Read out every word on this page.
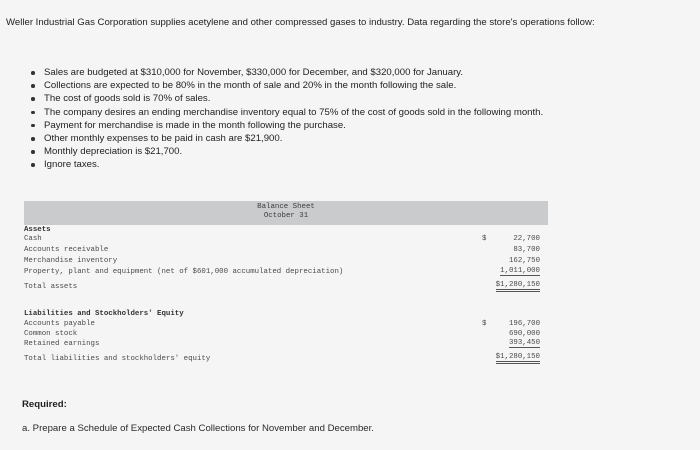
Weller Industrial Gas Corporation supplies acetylene and other compressed gases to industry. Data regarding the store's operations follow:
Sales are budgeted at $310,000 for November, $330,000 for December, and $320,000 for January.
Collections are expected to be 80% in the month of sale and 20% in the month following the sale.
The cost of goods sold is 70% of sales.
The company desires an ending merchandise inventory equal to 75% of the cost of goods sold in the following month.
Payment for merchandise is made in the month following the purchase.
Other monthly expenses to be paid in cash are $21,900.
Monthly depreciation is $21,700.
Ignore taxes.
Balance Sheet
October 31
Assets
Cash	$	22,700
Accounts receivable	83,700
Merchandise inventory	162,750
Property, plant and equipment (net of $601,000 accumulated depreciation)	1,011,000
Total assets	$1,280,150
Liabilities and Stockholders' Equity
Accounts payable	$	196,700
Common stock	690,000
Retained earnings	393,450
Total liabilities and stockholders' equity	$1,280,150
Required:
a. Prepare a Schedule of Expected Cash Collections for November and December.
